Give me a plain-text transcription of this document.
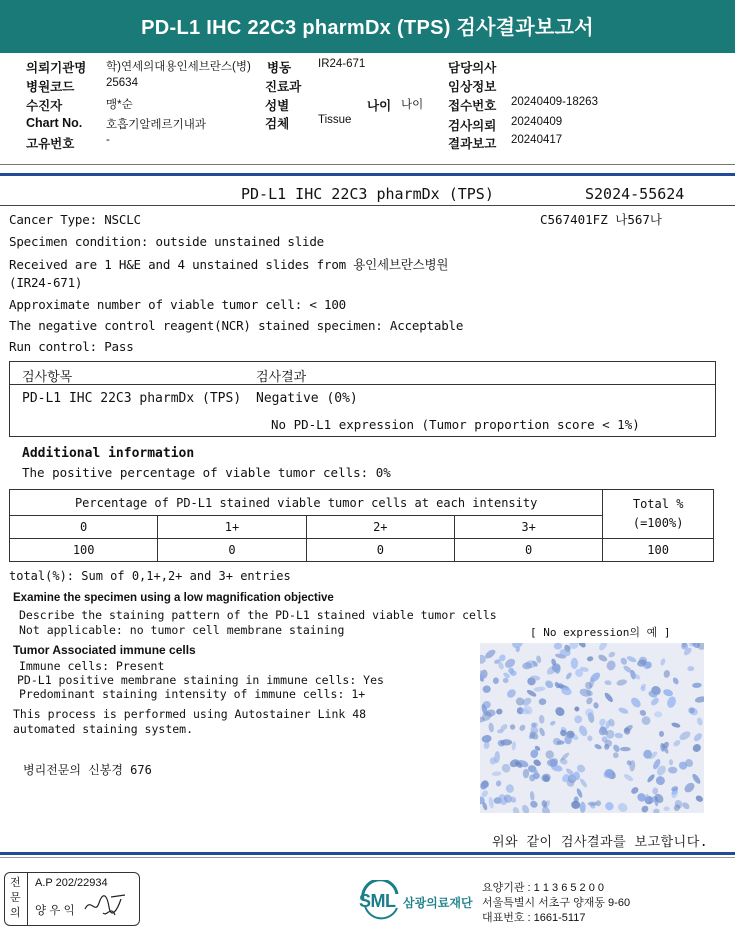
PD-L1 IHC 22C3 pharmDx (TPS) 검사결과보고서
의뢰기관명 학)연세의대용인세브란스(병)
병원코드	25634
수진자	맹*순
Chart No. 호흡기알레르기내과
고유번호	-
병동 IR24-671
진료과
성별	나이 나이
검체	Tissue
담당의사
임상정보
접수번호 20240409-18263
검사의뢰 20240409
결과보고 20240417
PD-L1 IHC 22C3 pharmDx (TPS)	S2024-55624
C567401FZ 나567나
Cancer Type: NSCLC
Specimen condition: outside unstained slide
Received are 1 H&E and 4 unstained slides from 용인세브란스병원
(IR24-671)
Approximate number of viable tumor cell: < 100
The negative control reagent(NCR) stained specimen: Acceptable
Run control: Pass
검사항목	검사결과
PD-L1 IHC 22C3 pharmDx (TPS) Negative (0%)
No PD-L1 expression (Tumor proportion score < 1%)
Additional information
The positive percentage of viable tumor cells: 0%
Percentage of PD-L1 stained viable tumor cells at each intensity				Total %
(=100%)
0	1+	2+	3+	
100	0	0	0	100
total(%): Sum of 0,1+,2+ and 3+ entries
Examine the specimen using a low magnification objective
Describe the staining pattern of the PD-L1 stained viable tumor cells
Not applicable: no tumor cell membrane staining	[ No expression의 예 ]
Tumor Associated immune cells
Immune cells: Present
PD-L1 positive membrane staining in immune cells: Yes
Predominant staining intensity of immune cells: 1+
This process is performed using Autostainer Link 48
automated staining system.
병리전문의 신봉경 676
위와 같이 검사결과를 보고합니다.
전문의
A.P 202/22934
양 우 익	SML 삼광의료재단
요양기관 : 1 1 3 6 5 2 0 0
서울특별시 서초구 양재동 9-60
대표번호 : 1661-5117
